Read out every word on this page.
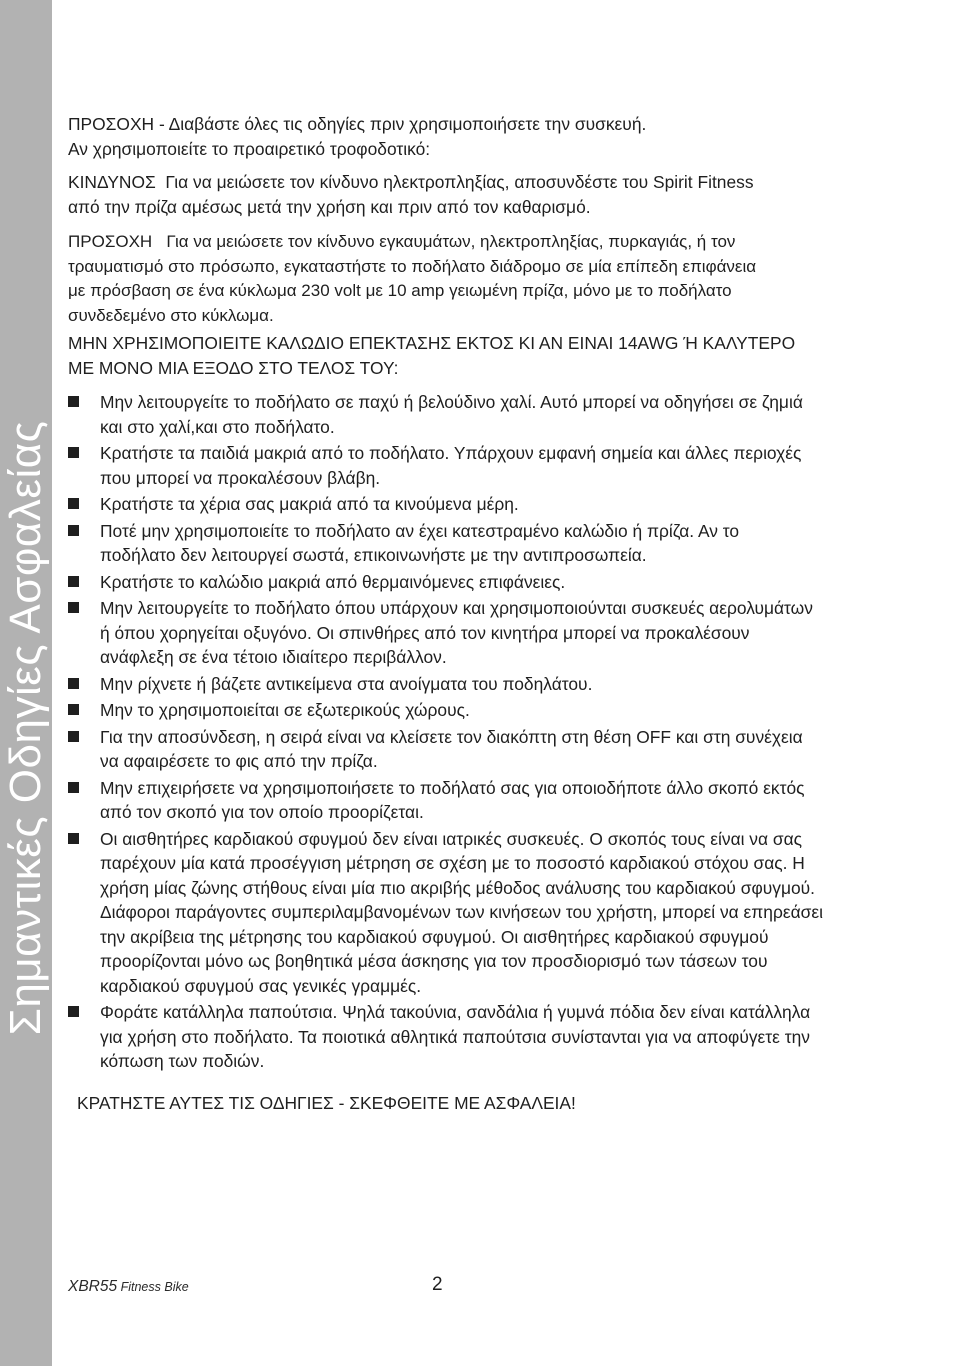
Σημαντικές Οδηγίες Ασφαλείας

ΠΡΟΣΟΧΗ - Διαβάστε όλες τις οδηγίες πριν χρησιμοποιήσετε την συσκευή.

Αν χρησιμοποιείτε το προαιρετικό τροφοδοτικό:

ΚΙΝΔΥΝΟΣ  Για να μειώσετε τον κίνδυνο ηλεκτροπληξίας, αποσυνδέστε του Spirit Fitness

από την πρίζα αμέσως μετά την χρήση και πριν από τον καθαρισμό.

ΠΡΟΣΟΧΗ   Για να μειώσετε τον κίνδυνο εγκαυμάτων, ηλεκτροπληξίας, πυρκαγιάς, ή τον

τραυματισμό στο πρόσωπο, εγκαταστήστε το ποδήλατο διάδρομο σε μία επίπεδη επιφάνεια

με πρόσβαση σε ένα κύκλωμα 230 volt με 10 amp γειωμένη πρίζα, μόνο με το ποδήλατο

συνδεδεμένο στο κύκλωμα.

ΜΗΝ ΧΡΗΣΙΜΟΠΟΙΕΙΤΕ ΚΑΛΩΔΙΟ ΕΠΕΚΤΑΣΗΣ ΕΚΤΟΣ ΚΙ ΑΝ ΕΙΝΑΙ 14AWG Ή ΚΑΛΥΤΕΡΟ

ΜΕ ΜΟΝΟ ΜΙΑ ΕΞΟΔΟ ΣΤΟ ΤΕΛΟΣ ΤΟΥ:

Μην λειτουργείτε το ποδήλατο σε παχύ ή βελούδινο χαλί. Αυτό μπορεί να οδηγήσει σε ζημιά
και στο χαλί,και στο ποδήλατο.
Κρατήστε τα παιδιά μακριά από το ποδήλατο. Υπάρχουν εμφανή σημεία και άλλες περιοχές
που μπορεί να προκαλέσουν βλάβη.
Κρατήστε τα χέρια σας μακριά από τα κινούμενα μέρη.
Ποτέ μην χρησιμοποιείτε το ποδήλατο αν έχει κατεστραμένο καλώδιο ή πρίζα. Αν το
ποδήλατο δεν λειτουργεί σωστά, επικοινωνήστε με την αντιπροσωπεία.
Κρατήστε το καλώδιο μακριά από θερμαινόμενες επιφάνειες.
Μην λειτουργείτε το ποδήλατο όπου υπάρχουν και χρησιμοποιούνται συσκευές αερολυμάτων
ή όπου χορηγείται οξυγόνο. Οι σπινθήρες από τον κινητήρα μπορεί να προκαλέσουν
ανάφλεξη σε ένα τέτοιο ιδιαίτερο περιβάλλον.
Μην ρίχνετε ή βάζετε αντικείμενα στα ανοίγματα του ποδηλάτου.
Μην το χρησιμοποιείται σε εξωτερικούς χώρους.
Για την αποσύνδεση, η σειρά είναι να κλείσετε τον διακόπτη στη θέση OFF και στη συνέχεια
να αφαιρέσετε το φις από την πρίζα.
Μην επιχειρήσετε να χρησιμοποιήσετε το ποδήλατό σας για οποιοδήποτε άλλο σκοπό εκτός
από τον σκοπό για τον οποίο προορίζεται.
Οι αισθητήρες καρδιακού σφυγμού δεν είναι ιατρικές συσκευές. Ο σκοπός τους είναι να σας
παρέχουν μία κατά προσέγγιση μέτρηση σε σχέση με το ποσοστό καρδιακού στόχου σας. Η
χρήση μίας ζώνης στήθους είναι μία πιο ακριβής μέθοδος ανάλυσης του καρδιακού σφυγμού.
Διάφοροι παράγοντες συμπεριλαμβανομένων των κινήσεων του χρήστη, μπορεί να επηρεάσει
την ακρίβεια της μέτρησης του καρδιακού σφυγμού. Οι αισθητήρες καρδιακού σφυγμού
προορίζονται μόνο ως βοηθητικά μέσα άσκησης για τον προσδιορισμό των τάσεων του
καρδιακού σφυγμού σας γενικές γραμμές.
Φοράτε κατάλληλα παπούτσια. Ψηλά τακούνια, σανδάλια ή γυμνά πόδια δεν είναι κατάλληλα
για χρήση στο ποδήλατο. Τα ποιοτικά αθλητικά παπούτσια συνίστανται για να αποφύγετε την
κόπωση των ποδιών.
ΚΡΑΤΗΣΤΕ ΑΥΤΕΣ ΤΙΣ ΟΔΗΓΙΕΣ - ΣΚΕΦΘΕΙΤΕ ΜΕ ΑΣΦΑΛΕΙΑ!
XBR55 Fitness Bike	2
